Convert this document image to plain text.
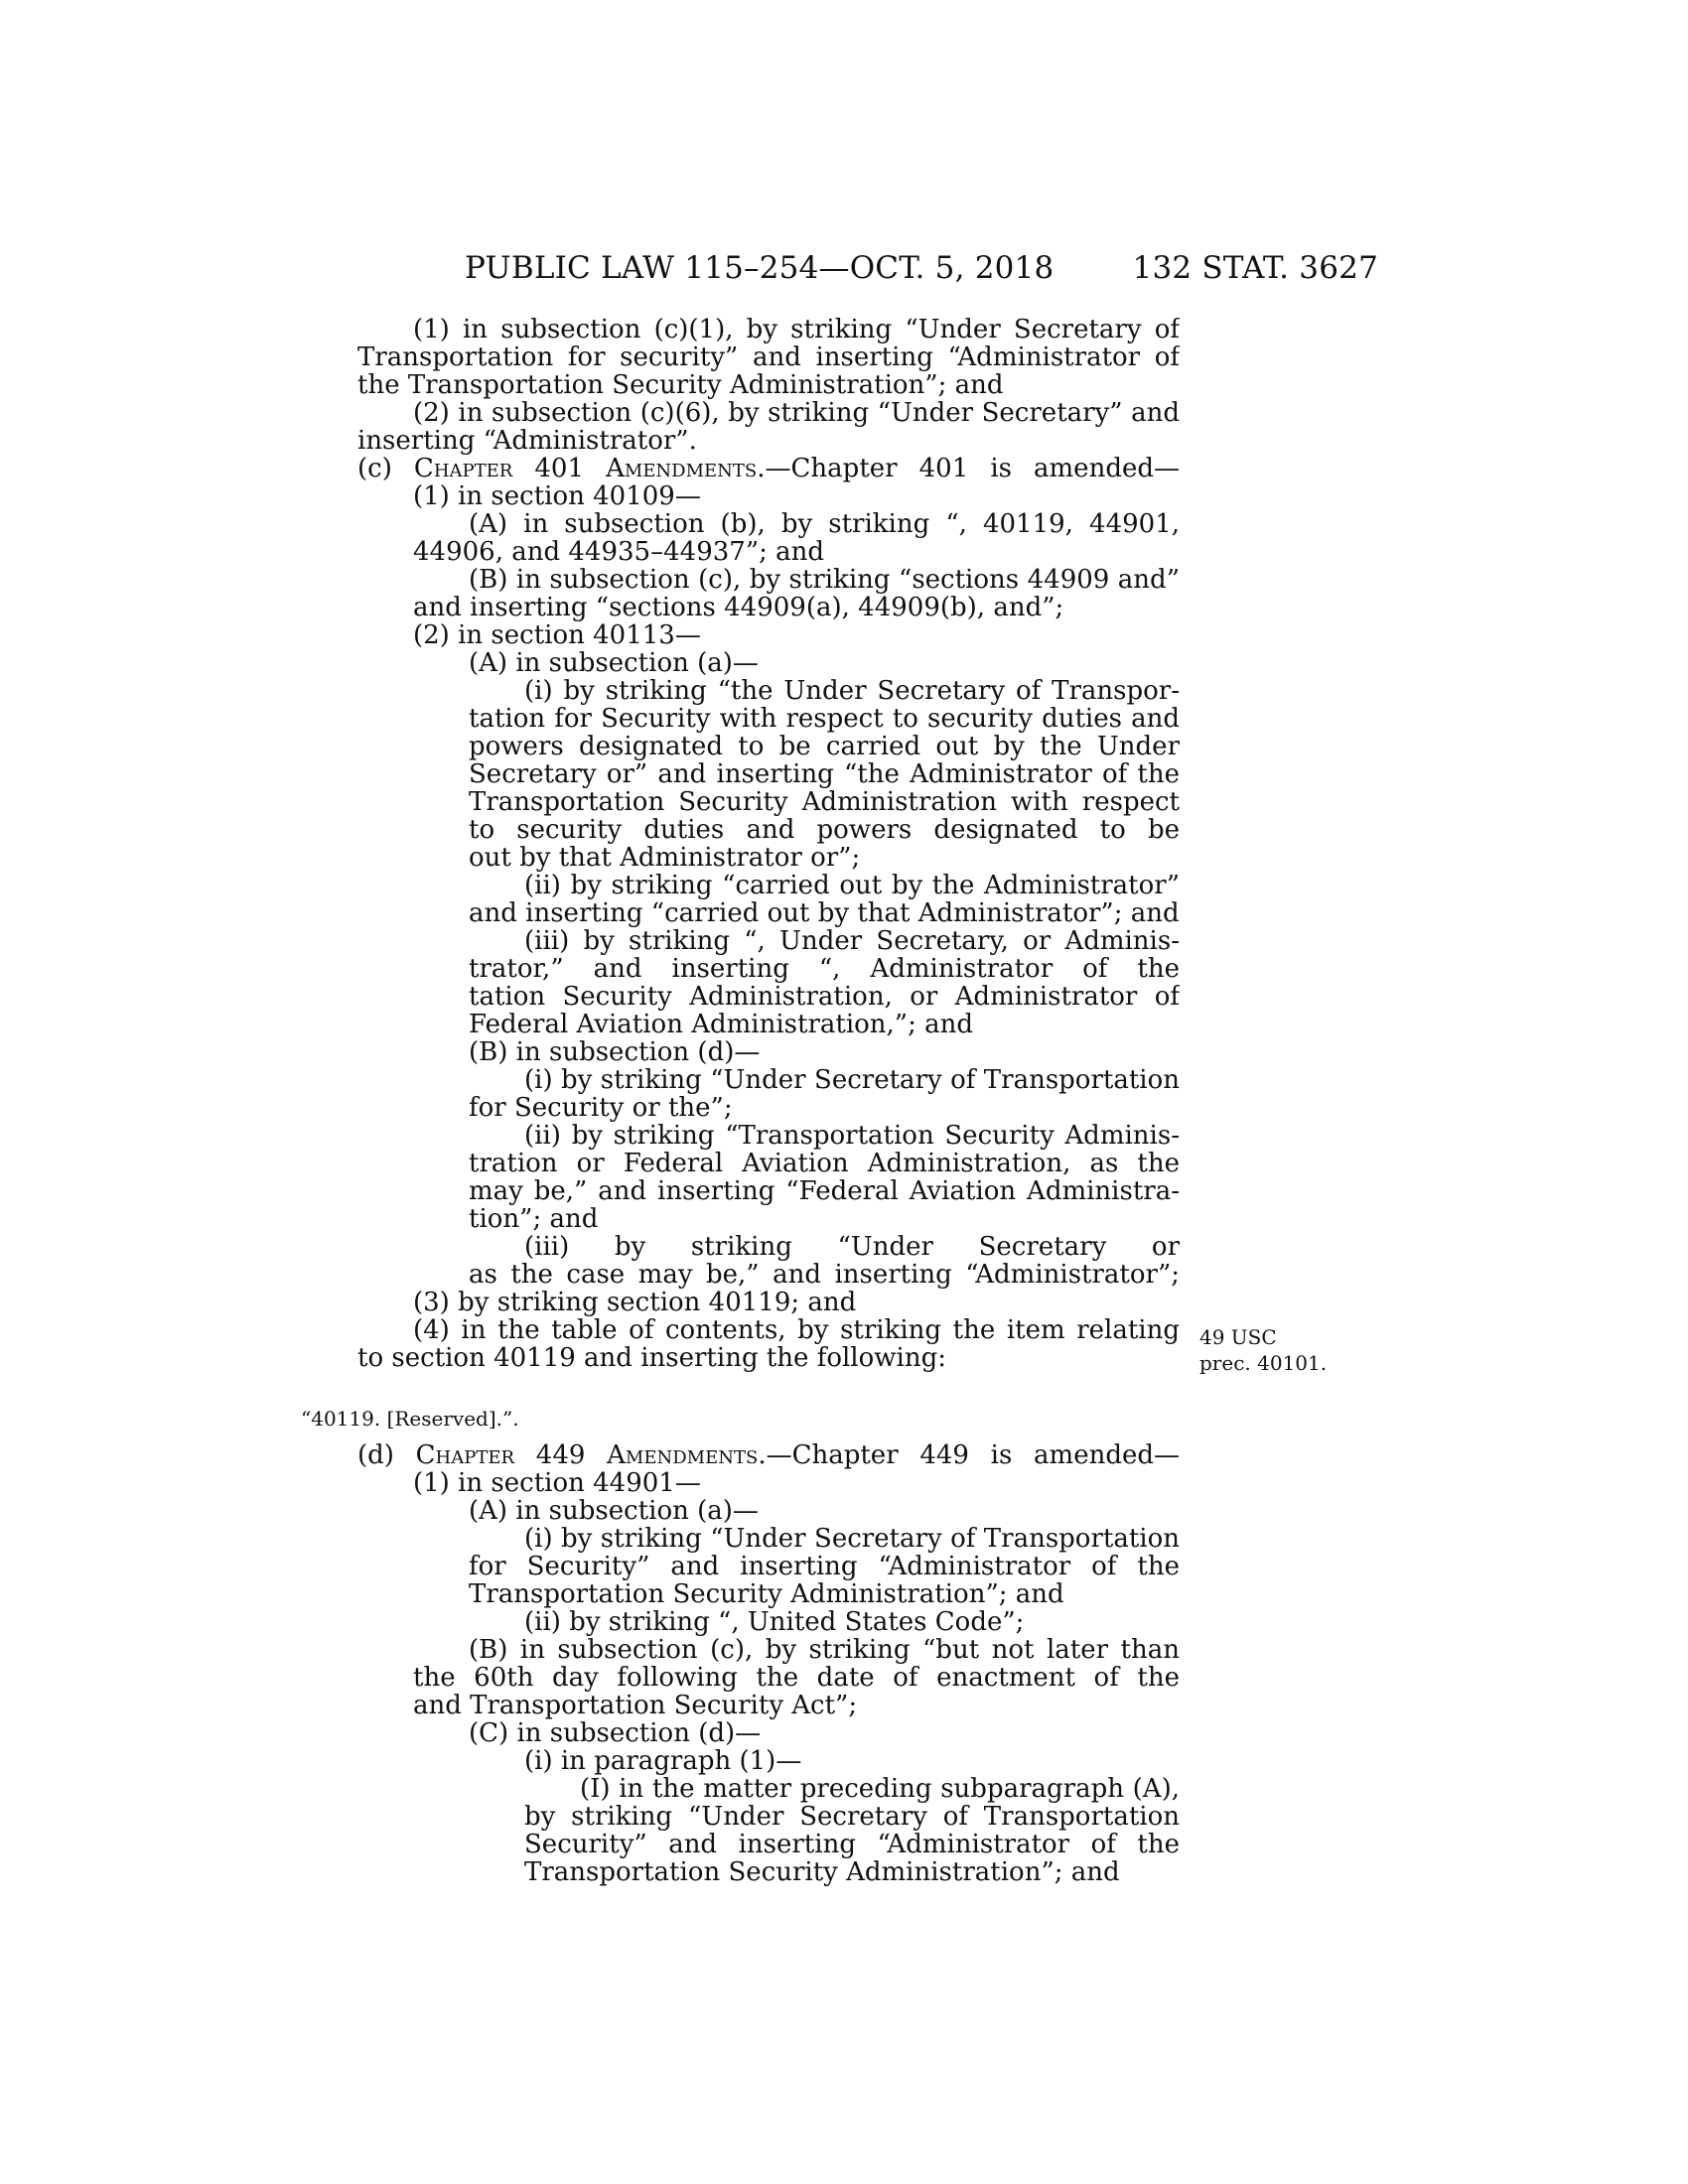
PUBLIC LAW 115–254—OCT. 5, 2018	132 STAT. 3627
(1) in subsection (c)(1), by striking “Under Secretary of
Transportation for security” and inserting “Administrator of
the Transportation Security Administration”; and
(2) in subsection (c)(6), by striking “Under Secretary” and
inserting “Administrator”.
(c) Chapter 401 Amendments.—Chapter 401 is amended—
(1) in section 40109—
(A) in subsection (b), by striking “, 40119, 44901,
44906, and 44935–44937”; and
(B) in subsection (c), by striking “sections 44909 and”
and inserting “sections 44909(a), 44909(b), and”;
(2) in section 40113—
(A) in subsection (a)—
(i) by striking “the Under Secretary of Transpor-
tation for Security with respect to security duties and
powers designated to be carried out by the Under
Secretary or” and inserting “the Administrator of the
Transportation Security Administration with respect
to security duties and powers designated to be
out by that Administrator or”;
(ii) by striking “carried out by the Administrator”
and inserting “carried out by that Administrator”; and
(iii) by striking “, Under Secretary, or Adminis-
trator,” and inserting “, Administrator of the
tation Security Administration, or Administrator of
Federal Aviation Administration,”; and
(B) in subsection (d)—
(i) by striking “Under Secretary of Transportation
for Security or the”;
(ii) by striking “Transportation Security Adminis-
tration or Federal Aviation Administration, as the
may be,” and inserting “Federal Aviation Administra-
tion”; and
(iii) by striking “Under Secretary or
as the case may be,” and inserting “Administrator”;
(3) by striking section 40119; and
(4) in the table of contents, by striking the item relating
to section 40119 and inserting the following:
49 USC
prec. 40101.
“40119. [Reserved].”.
(d) Chapter 449 Amendments.—Chapter 449 is amended—
(1) in section 44901—
(A) in subsection (a)—
(i) by striking “Under Secretary of Transportation
for Security” and inserting “Administrator of the
Transportation Security Administration”; and
(ii) by striking “, United States Code”;
(B) in subsection (c), by striking “but not later than
the 60th day following the date of enactment of the
and Transportation Security Act”;
(C) in subsection (d)—
(i) in paragraph (1)—
(I) in the matter preceding subparagraph (A),
by striking “Under Secretary of Transportation
Security” and inserting “Administrator of the
Transportation Security Administration”; and
